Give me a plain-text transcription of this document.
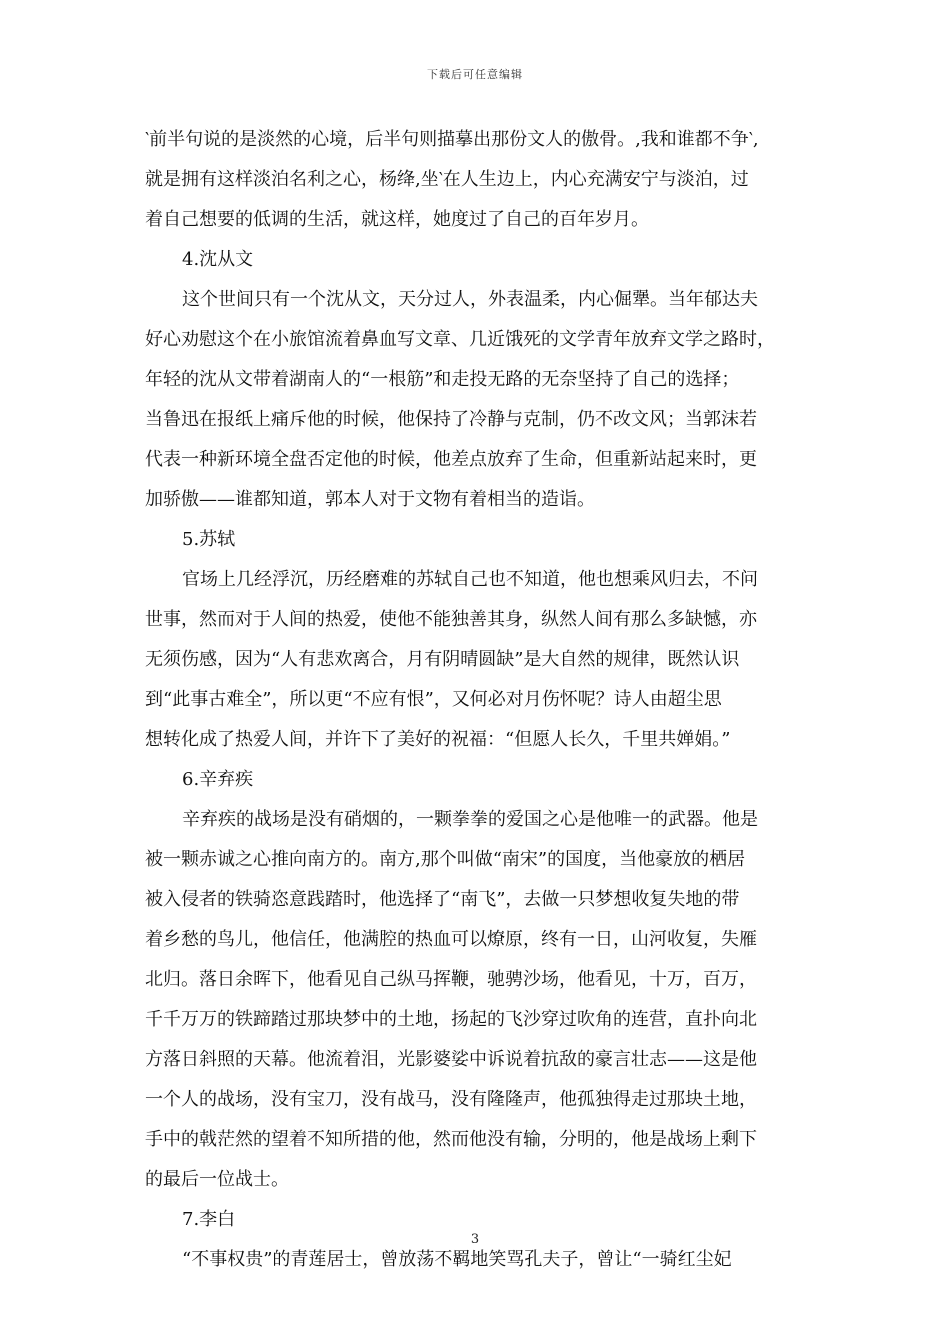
下载后可任意编辑
‵前半句说的是淡然的心境，后半句则描摹出那份文人的傲骨。,我和谁都不争‵,
就是拥有这样淡泊名利之心，杨绛,坐‵在人生边上，内心充满安宁与淡泊，过
着自己想要的低调的生活，就这样，她度过了自己的百年岁月。
4.沈从文
这个世间只有一个沈从文，天分过人，外表温柔，内心倔犟。当年郁达夫
好心劝慰这个在小旅馆流着鼻血写文章、几近饿死的文学青年放弃文学之路时，
年轻的沈从文带着湖南人的“一根筋”和走投无路的无奈坚持了自己的选择；
当鲁迅在报纸上痛斥他的时候，他保持了冷静与克制，仍不改文风；当郭沫若
代表一种新环境全盘否定他的时候，他差点放弃了生命，但重新站起来时，更
加骄傲——谁都知道，郭本人对于文物有着相当的造诣。
5.苏轼
官场上几经浮沉，历经磨难的苏轼自己也不知道，他也想乘风归去，不问
世事，然而对于人间的热爱，使他不能独善其身，纵然人间有那么多缺憾，亦
无须伤感，因为“人有悲欢离合，月有阴晴圆缺”是大自然的规律，既然认识
到“此事古难全”，所以更“不应有恨”，又何必对月伤怀呢？诗人由超尘思
想转化成了热爱人间，并许下了美好的祝福：“但愿人长久，千里共婵娟。”
6.辛弃疾
辛弃疾的战场是没有硝烟的，一颗拳拳的爱国之心是他唯一的武器。他是
被一颗赤诚之心推向南方的。南方,那个叫做“南宋”的国度，当他豪放的栖居
被入侵者的铁骑恣意践踏时，他选择了“南飞”，去做一只梦想收复失地的带
着乡愁的鸟儿，他信任，他满腔的热血可以燎原，终有一日，山河收复，失雁
北归。落日余晖下，他看见自己纵马挥鞭，驰骋沙场，他看见，十万，百万，
千千万万的铁蹄踏过那块梦中的土地，扬起的飞沙穿过吹角的连营，直扑向北
方落日斜照的天幕。他流着泪，光影婆娑中诉说着抗敌的豪言壮志——这是他
一个人的战场，没有宝刀，没有战马，没有隆隆声，他孤独得走过那块土地，
手中的戟茫然的望着不知所措的他，然而他没有输，分明的，他是战场上剩下
的最后一位战士。
7.李白
“不事权贵”的青莲居士，曾放荡不羁地笑骂孔夫子，曾让“一骑红尘妃
3
